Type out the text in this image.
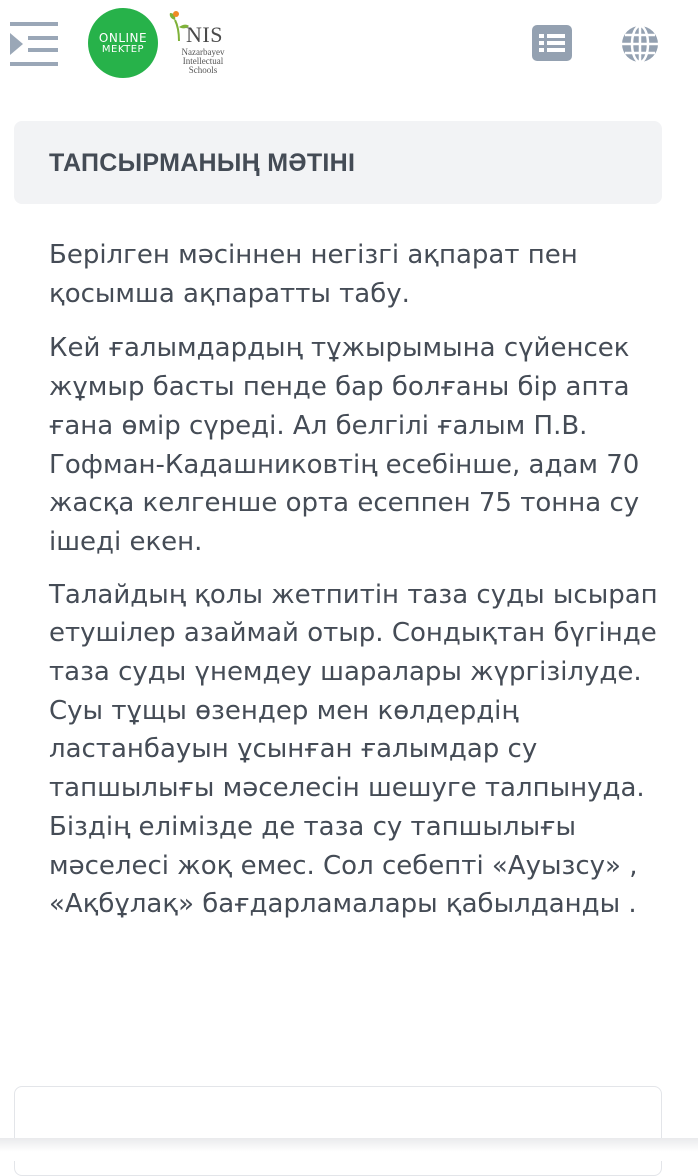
ONLINE
MEKTEP
NIS
Nazarbayev
Intellectual
Schools
ТАПСЫРМАНЫҢ МӘТІНІ

Берілген мәсіннен негізгі ақпарат пен қосымша ақпаратты табу.

Кей ғалымдардың тұжырымына сүйенсек жұмыр басты пенде бар болғаны бір апта ғана өмір сүреді. Ал белгілі ғалым П.В. Гофман-Кадашниковтің есебінше, адам 70 жасқа келгенше орта есеппен 75 тонна су ішеді екен.

Талайдың қолы жетпитін таза суды ысырап етушілер азаймай отыр. Сондықтан бүгінде таза суды үнемдеу шаралары жүргізілуде. Суы тұщы өзендер мен көлдердің ластанбауын ұсынған ғалымдар су тапшылығы мәселесін шешуге талпынуда. Біздің елімізде де таза су тапшылығы мәселесі жоқ емес. Сол себепті «Ауызсу» , «Ақбұлақ» бағдарламалары қабылданды .
